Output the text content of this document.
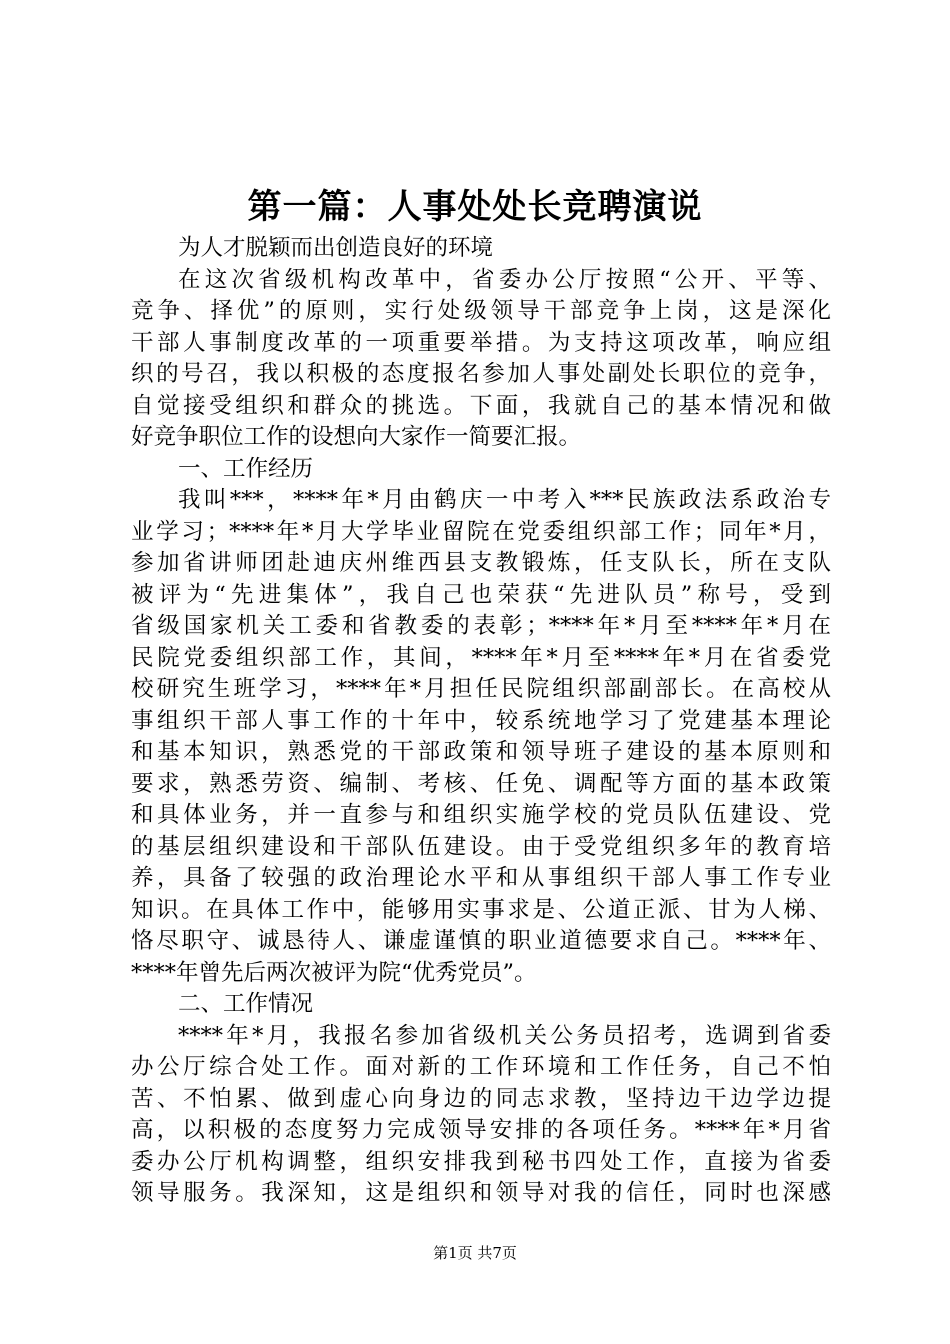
第一篇：人事处处长竞聘演说
为人才脱颖而出创造良好的环境
在这次省级机构改革中，省委办公厅按照“公开、平等、
竞争、择优”的原则，实行处级领导干部竞争上岗，这是深化
干部人事制度改革的一项重要举措。为支持这项改革，响应组
织的号召，我以积极的态度报名参加人事处副处长职位的竞争，
自觉接受组织和群众的挑选。下面，我就自己的基本情况和做
好竞争职位工作的设想向大家作一简要汇报。
一、工作经历
我叫***，****年*月由鹤庆一中考入***民族政法系政治专
业学习；****年*月大学毕业留院在党委组织部工作；同年*月，
参加省讲师团赴迪庆州维西县支教锻炼，任支队长，所在支队
被评为“先进集体”，我自己也荣获“先进队员”称号，受到
省级国家机关工委和省教委的表彰；****年*月至****年*月在
民院党委组织部工作，其间，****年*月至****年*月在省委党
校研究生班学习，****年*月担任民院组织部副部长。在高校从
事组织干部人事工作的十年中，较系统地学习了党建基本理论
和基本知识，熟悉党的干部政策和领导班子建设的基本原则和
要求，熟悉劳资、编制、考核、任免、调配等方面的基本政策
和具体业务，并一直参与和组织实施学校的党员队伍建设、党
的基层组织建设和干部队伍建设。由于受党组织多年的教育培
养，具备了较强的政治理论水平和从事组织干部人事工作专业
知识。在具体工作中，能够用实事求是、公道正派、甘为人梯、
恪尽职守、诚恳待人、谦虚谨慎的职业道德要求自己。****年、
****年曾先后两次被评为院“优秀党员”。
二、工作情况
****年*月，我报名参加省级机关公务员招考，选调到省委
办公厅综合处工作。面对新的工作环境和工作任务，自己不怕
苦、不怕累、做到虚心向身边的同志求教，坚持边干边学边提
高，以积极的态度努力完成领导安排的各项任务。****年*月省
委办公厅机构调整，组织安排我到秘书四处工作，直接为省委
领导服务。我深知，这是组织和领导对我的信任，同时也深感
第1页 共7页
